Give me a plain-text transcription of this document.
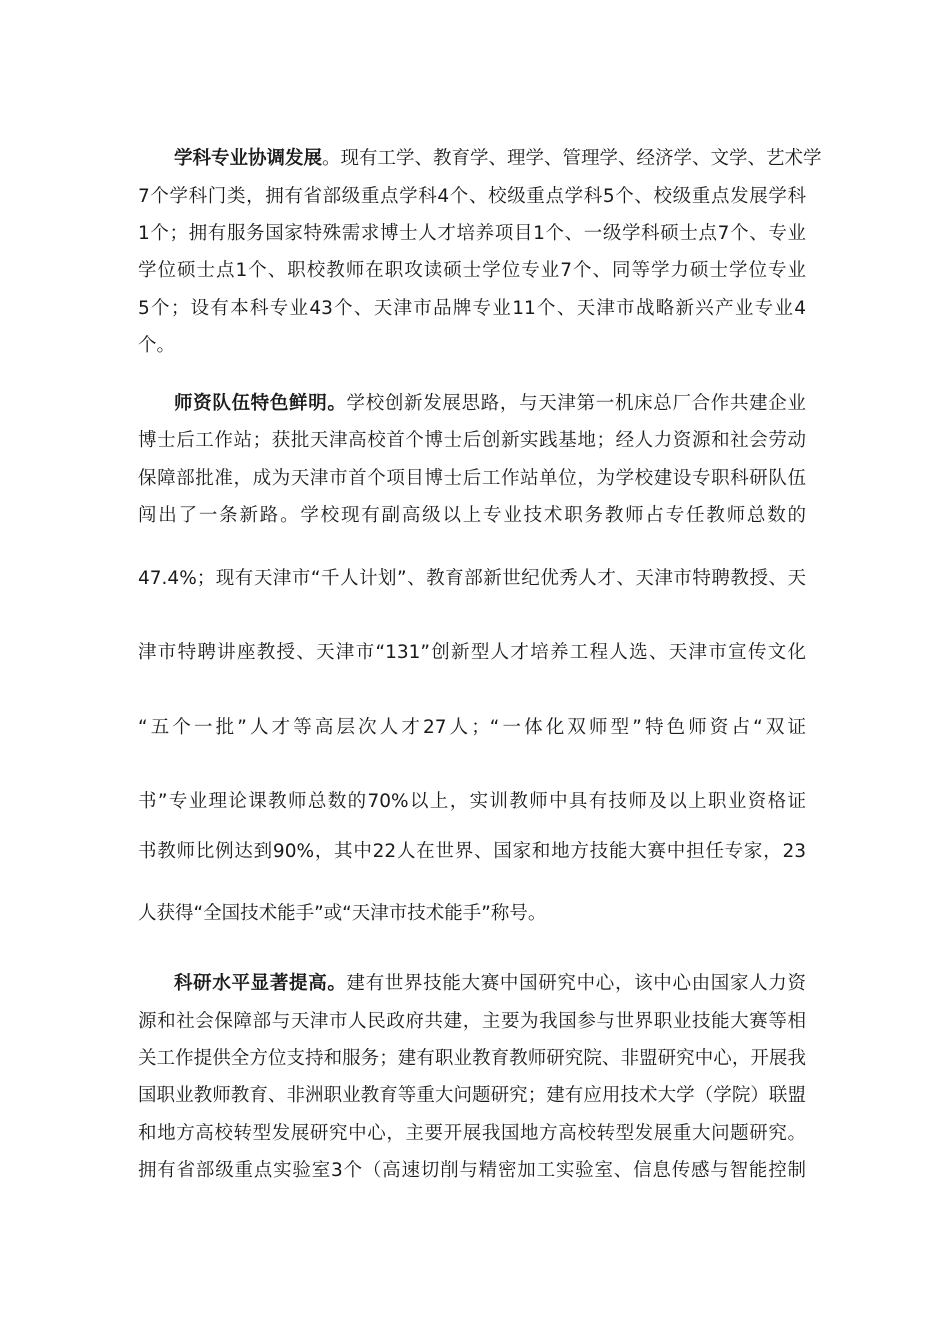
学科专业协调发展。现有工学、教育学、理学、管理学、经济学、文学、艺术学
7个学科门类，拥有省部级重点学科4个、校级重点学科5个、校级重点发展学科
1个；拥有服务国家特殊需求博士人才培养项目1个、一级学科硕士点7个、专业
学位硕士点1个、职校教师在职攻读硕士学位专业7个、同等学力硕士学位专业
5个；设有本科专业43个、天津市品牌专业11个、天津市战略新兴产业专业4
个。
师资队伍特色鲜明。学校创新发展思路，与天津第一机床总厂合作共建企业
博士后工作站；获批天津高校首个博士后创新实践基地；经人力资源和社会劳动
保障部批准，成为天津市首个项目博士后工作站单位，为学校建设专职科研队伍
闯出了一条新路。学校现有副高级以上专业技术职务教师占专任教师总数的
47.4%；现有天津市“千人计划”、教育部新世纪优秀人才、天津市特聘教授、天
津市特聘讲座教授、天津市“131”创新型人才培养工程人选、天津市宣传文化
“五个一批”人才等高层次人才27人；“一体化双师型”特色师资占“双证
书”专业理论课教师总数的70%以上，实训教师中具有技师及以上职业资格证
书教师比例达到90%，其中22人在世界、国家和地方技能大赛中担任专家，23
人获得“全国技术能手”或“天津市技术能手”称号。
科研水平显著提高。建有世界技能大赛中国研究中心，该中心由国家人力资
源和社会保障部与天津市人民政府共建，主要为我国参与世界职业技能大赛等相
关工作提供全方位支持和服务；建有职业教育教师研究院、非盟研究中心，开展我
国职业教师教育、非洲职业教育等重大问题研究；建有应用技术大学（学院）联盟
和地方高校转型发展研究中心，主要开展我国地方高校转型发展重大问题研究。
拥有省部级重点实验室3个（高速切削与精密加工实验室、信息传感与智能控制
